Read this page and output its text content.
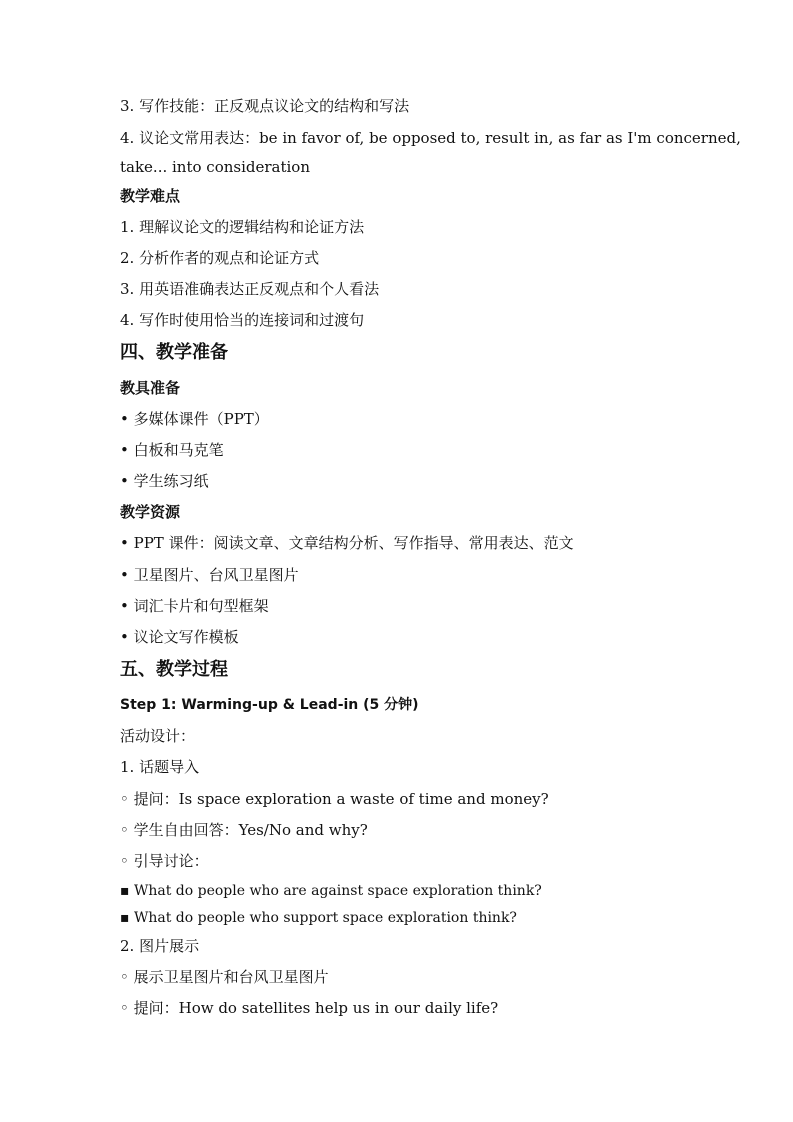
3. 写作技能：正反观点议论文的结构和写法
4. 议论文常用表达：be in favor of, be opposed to, result in, as far as I'm concerned,
take... into consideration
教学难点
1. 理解议论文的逻辑结构和论证方法
2. 分析作者的观点和论证方式
3. 用英语准确表达正反观点和个人看法
4. 写作时使用恰当的连接词和过渡句
四、教学准备
教具准备
• 多媒体课件（PPT）
• 白板和马克笔
• 学生练习纸
教学资源
• PPT 课件：阅读文章、文章结构分析、写作指导、常用表达、范文
• 卫星图片、台风卫星图片
• 词汇卡片和句型框架
• 议论文写作模板
五、教学过程
Step 1: Warming-up & Lead-in (5 分钟)
活动设计：
1. 话题导入
◦ 提问：Is space exploration a waste of time and money?
◦ 学生自由回答：Yes/No and why?
◦ 引导讨论：
▪ What do people who are against space exploration think?
▪ What do people who support space exploration think?
2. 图片展示
◦ 展示卫星图片和台风卫星图片
◦ 提问：How do satellites help us in our daily life?
